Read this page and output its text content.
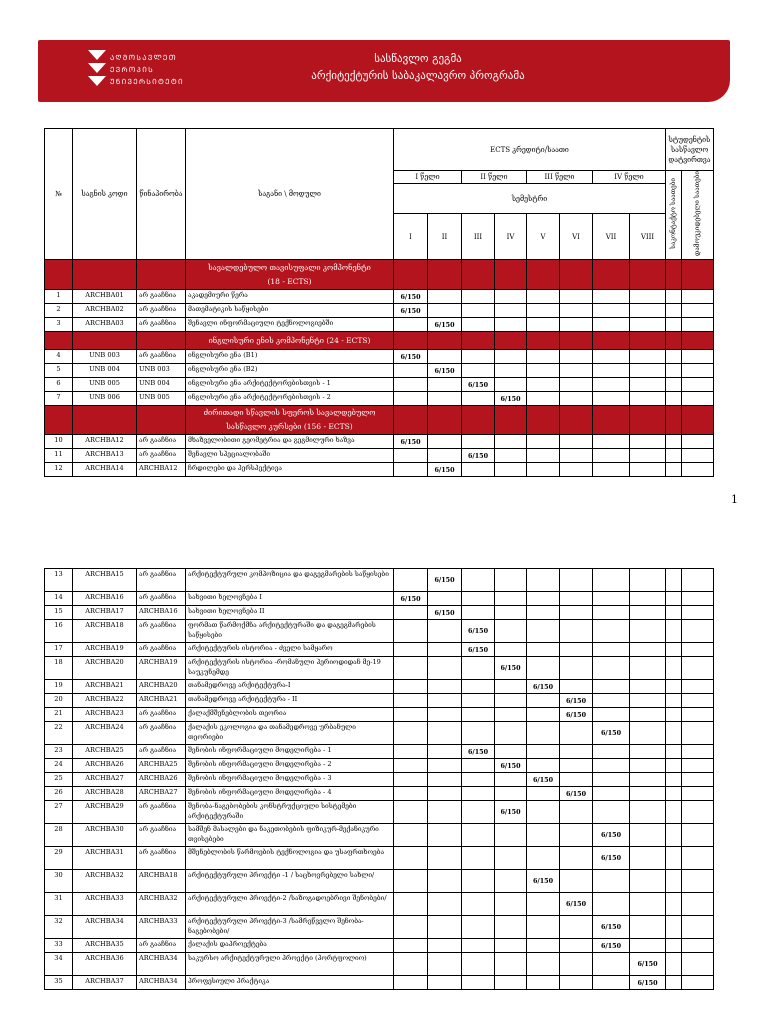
ᲐᲦᲛᲝᲡᲐᲕᲚᲔᲗ
ᲔᲕᲠᲝᲞᲘᲡ
ᲣᲜᲘᲕᲔᲠᲡᲘᲢᲔᲢᲘ
სასწავლო გეგმა
არქიტექტურის საბაკალავრო პროგრამა
№	საგნის კოდი	წინაპირობა	საგანი \ მოდული	ECTS კრედიტი/საათი								სტუდენტის სასწავლო დატვირთვა	
				I წელი		II წელი		III წელი		IV წელი		საკონტაქტო საათები	დამოუკიდებელი საათები
				სემესტრი									
				I	II	III	IV	V	VI	VII	VIII		
			სავალდებულო თავისუფალი კომპონენტი
(18 - ECTS)										
1	ARCHBA01	არ გააჩნია	აკადემიური წერა	6/150									
2	ARCHBA02	არ გააჩნია	მათემატიკის საწყისები	6/150									
3	ARCHBA03	არ გააჩნია	შენავლი ინფორმაციული ტექნოლოგიებში		6/150								
			ინგლისური ენის კომპონენტი (24 - ECTS)										
4	UNB 003	არ გააჩნია	ინგლისური ენა (B1)	6/150									
5	UNB 004	UNB 003	ინგლისური ენა (B2)		6/150								
6	UNB 005	UNB 004	ინგლისური ენა არქიტექტორებისთვის - 1			6/150							
7	UNB 006	UNB 005	ინგლისური ენა არქიტექტორებისთვის - 2				6/150						
			ძირითადი სწავლის სფეროს სავალდებულო
სასწავლო კურსები (156 - ECTS)										
10	ARCHBA12	არ გააჩნია	მხაზველობითი გეომეტრია და გეგმილური ხაზვა	6/150									
11	ARCHBA13	არ გააჩნია	შენავლი სპეციალობაში			6/150							
12	ARCHBA14	ARCHBA12	ჩრდილები და პერსპექტივა		6/150								
1
13	ARCHBA15	არ გააჩნია	არქიტექტურული კომპოზიცია და დაგეგმარების საწყისები		6/150								
14	ARCHBA16	არ გააჩნია	სახვითი ხელოვნება I	6/150									
15	ARCHBA17	ARCHBA16	სახვითი ხელოვნება II		6/150								
16	ARCHBA18	არ გააჩნია	ფორმათ წარმოქმნა არქიტექტურაში და დაგეგმარების საწყისები			6/150							
17	ARCHBA19	არ გააჩნია	არქიტექტურის ისტორია - ძველი სამყარო			6/150							
18	ARCHBA20	ARCHBA19	არქიტექტურის ისტორია -რომანული პერიოდიდან მე-19 საუკუნემდე				6/150						
19	ARCHBA21	ARCHBA20	თანამედროვე არქიტექტურა-I					6/150					
20	ARCHBA22	ARCHBA21	თანამედროვე არქიტექტურა - II						6/150				
21	ARCHBA23	არ გააჩნია	ქალაქმშენებლობის თეორია						6/150				
22	ARCHBA24	არ გააჩნია	ქალაქის ეკოლოგია და თანამედროვე ურბანული თეორიები							6/150			
23	ARCHBA25	არ გააჩნია	შენობის ინფორმაციული მოდელირება - 1			6/150							
24	ARCHBA26	ARCHBA25	შენობის ინფორმაციული მოდელირება - 2				6/150						
25	ARCHBA27	ARCHBA26	შენობის ინფორმაციული მოდელირება - 3					6/150					
26	ARCHBA28	ARCHBA27	შენობის ინფორმაციული მოდელირება - 4						6/150				
27	ARCHBA29	არ გააჩნია	შენობა-ნაგებობების კონსტრუქციული სისტემები არქიტექტურაში				6/150						
28	ARCHBA30	არ გააჩნია	სამშენ მასალები და ნაკეთობების ფიზიკურ-მექანიკური თვისებები							6/150			
29	ARCHBA31	არ გააჩნია	მშენებლობის წარმოების ტექნოლოგია და უსაფრთხოება							6/150			
30	ARCHBA32	ARCHBA18	არქიტექტურული პროექტი -1 / საცხოვრებელი სახლი/					6/150					
31	ARCHBA33	ARCHBA32	არქიტექტურული პროექტი-2 /საზოგადოებრივი შენობები/						6/150				
32	ARCHBA34	ARCHBA33	არქიტექტურული პროექტი-3 /სამრეწველო შენობა-ნაგებობები/							6/150			
33	ARCHBA35	არ გააჩნია	ქალაქის დაპროექტება							6/150			
34	ARCHBA36	ARCHBA34	საკურსო არქიტექტურული პროექტი (პორტფოლიო)								6/150		
35	ARCHBA37	ARCHBA34	პროფესიული პრაქტიკა								6/150		
